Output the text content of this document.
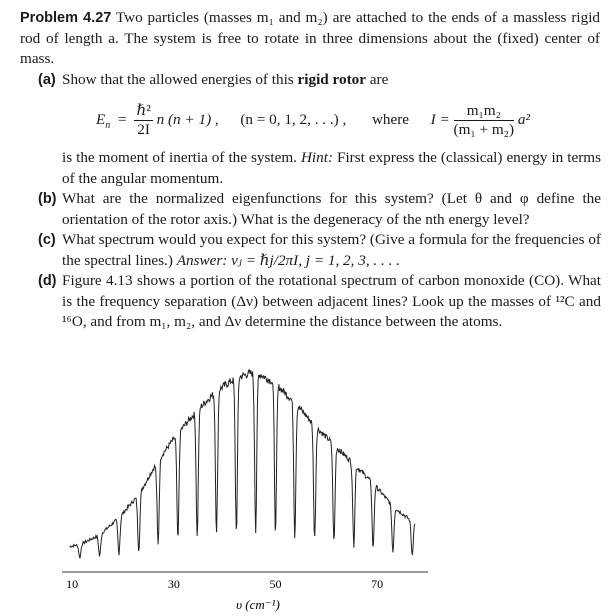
Problem 4.27 Two particles (masses m₁ and m₂) are attached to the ends of a massless rigid rod of length a. The system is free to rotate in three dimensions about the (fixed) center of mass.
(a) Show that the allowed energies of this rigid rotor are
$E_n = \frac{\text{ℏ²}}{2I}$ n (n + 1) , (n = 0, 1, 2, . . .) , where $I = \frac{\text{m₁m₂}}{\text{(m₁ + m₂)}} a^2$
is the moment of inertia of the system. Hint: First express the (classical) energy in terms of the angular momentum.
(b) What are the normalized eigenfunctions for this system? (Let θ and φ define the orientation of the rotor axis.) What is the degeneracy of the nth energy level?
(c) What spectrum would you expect for this system? (Give a formula for the frequencies of the spectral lines.) Answer: νⱼ = ℏj/2πI, j = 1, 2, 3, . . . .
(d) Figure 4.13 shows a portion of the rotational spectrum of carbon monoxide (CO). What is the frequency separation (Δν) between adjacent lines? Look up the masses of ¹²C and ¹⁶O, and from m₁, m₂, and Δν determine the distance between the atoms.
10	30	50	70
υ (cm⁻¹)
